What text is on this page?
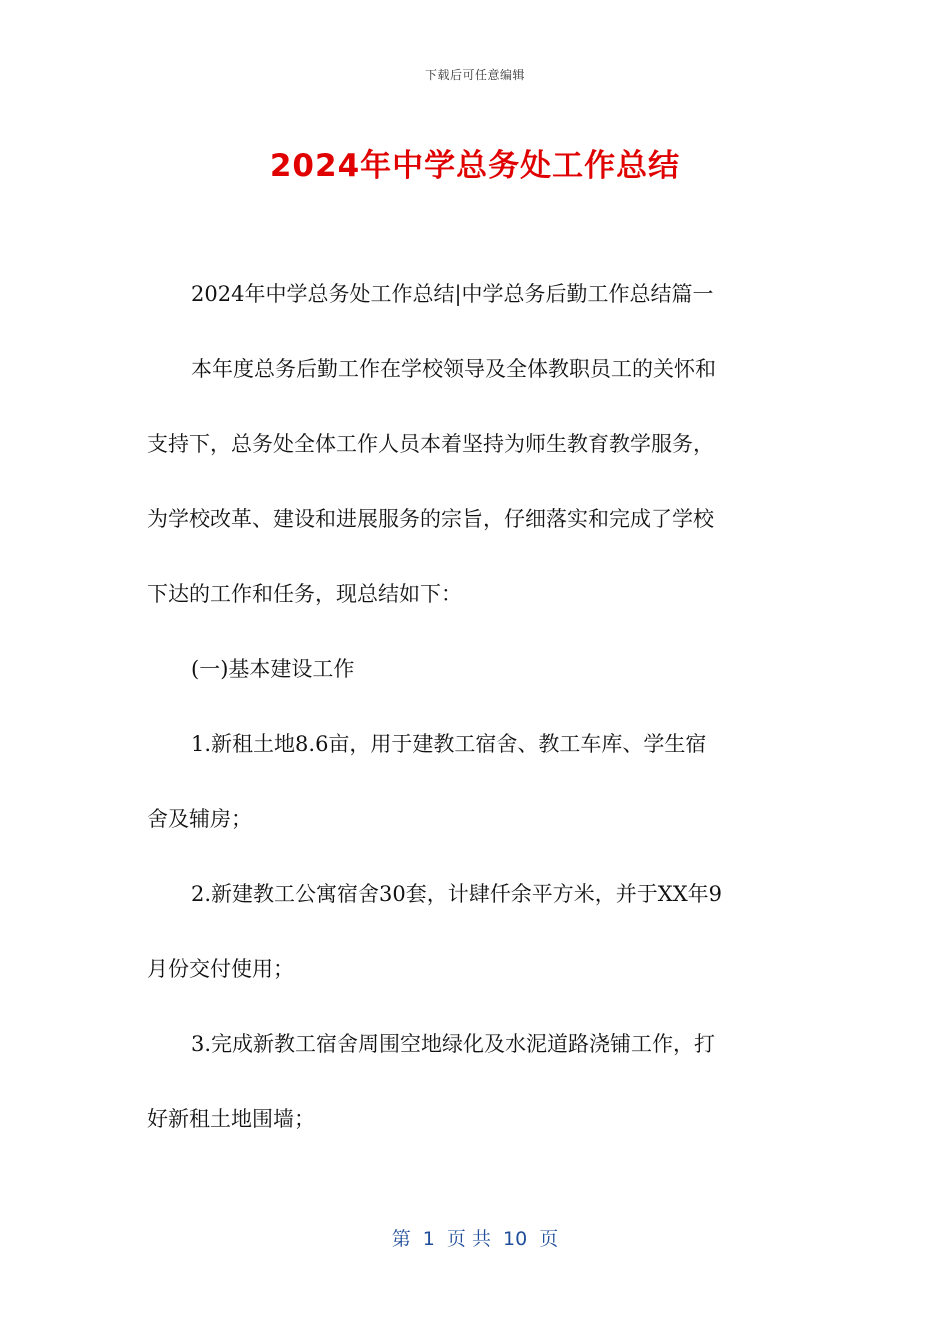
下载后可任意编辑
2024年中学总务处工作总结
2024年中学总务处工作总结|中学总务后勤工作总结篇一
本年度总务后勤工作在学校领导及全体教职员工的关怀和
支持下，总务处全体工作人员本着坚持为师生教育教学服务，
为学校改革、建设和进展服务的宗旨，仔细落实和完成了学校
下达的工作和任务，现总结如下：
(一)基本建设工作
1.新租土地8.6亩，用于建教工宿舍、教工车库、学生宿
舍及辅房；
2.新建教工公寓宿舍30套，计肆仟余平方米，并于XX年9
月份交付使用；
3.完成新教工宿舍周围空地绿化及水泥道路浇铺工作，打
好新租土地围墙；
第  1  页 共  10  页
